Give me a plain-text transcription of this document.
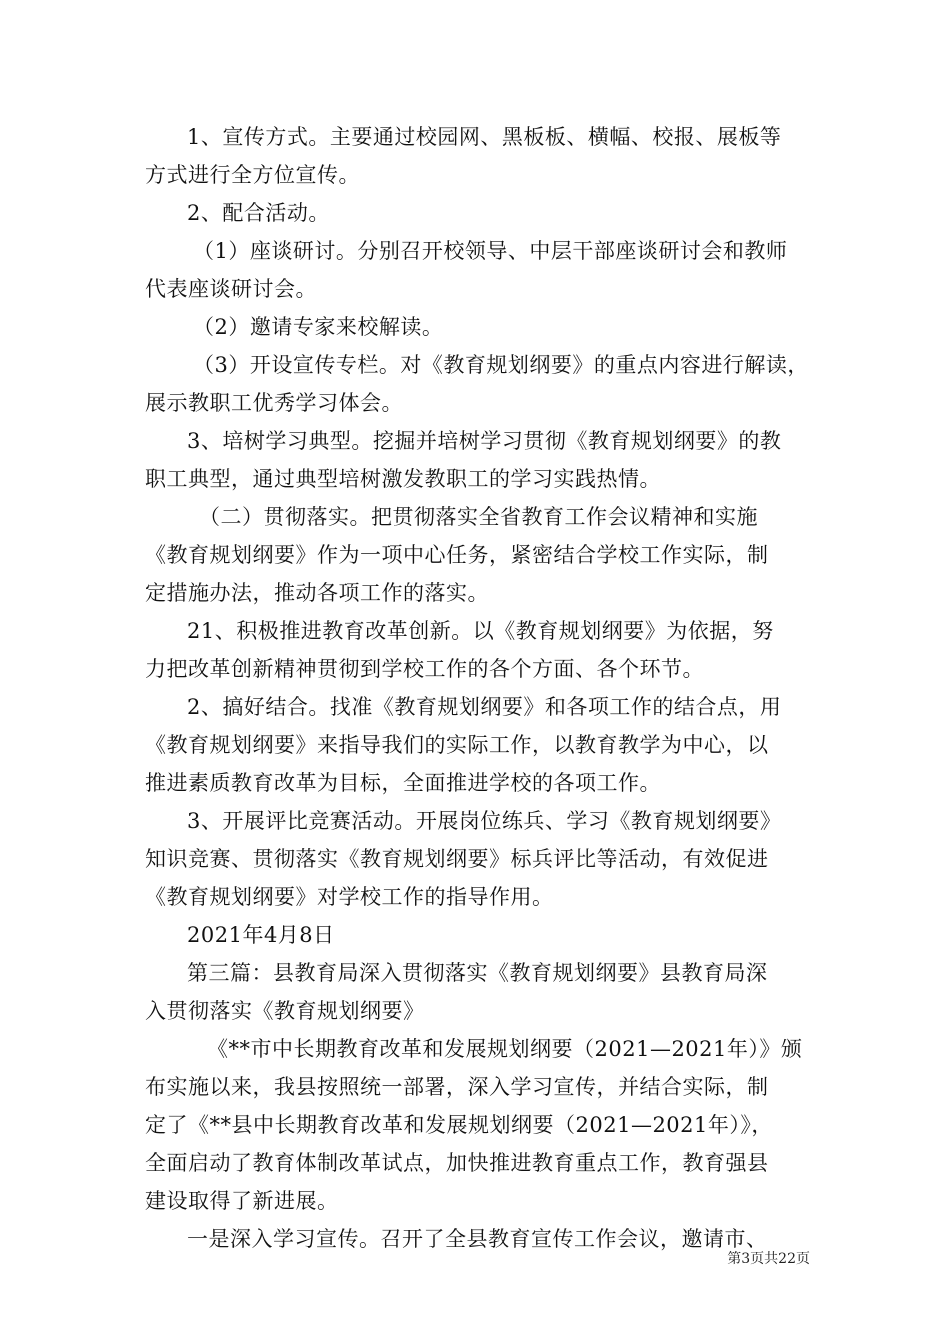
1、宣传方式。主要通过校园网、黑板板、横幅、校报、展板等
方式进行全方位宣传。
2、配合活动。
（1）座谈研讨。分别召开校领导、中层干部座谈研讨会和教师
代表座谈研讨会。
（2）邀请专家来校解读。
（3）开设宣传专栏。对《教育规划纲要》的重点内容进行解读，
展示教职工优秀学习体会。
3、培树学习典型。挖掘并培树学习贯彻《教育规划纲要》的教
职工典型，通过典型培树激发教职工的学习实践热情。
（二）贯彻落实。把贯彻落实全省教育工作会议精神和实施
《教育规划纲要》作为一项中心任务，紧密结合学校工作实际，制
定措施办法，推动各项工作的落实。
21、积极推进教育改革创新。以《教育规划纲要》为依据，努
力把改革创新精神贯彻到学校工作的各个方面、各个环节。
2、搞好结合。找准《教育规划纲要》和各项工作的结合点，用
《教育规划纲要》来指导我们的实际工作，以教育教学为中心，以
推进素质教育改革为目标，全面推进学校的各项工作。
3、开展评比竞赛活动。开展岗位练兵、学习《教育规划纲要》
知识竞赛、贯彻落实《教育规划纲要》标兵评比等活动，有效促进
《教育规划纲要》对学校工作的指导作用。
2021年4月8日
第三篇：县教育局深入贯彻落实《教育规划纲要》县教育局深
入贯彻落实《教育规划纲要》
《**市中长期教育改革和发展规划纲要（2021—2021年）》颁
布实施以来，我县按照统一部署，深入学习宣传，并结合实际，制
定了《**县中长期教育改革和发展规划纲要（2021—2021年）》，
全面启动了教育体制改革试点，加快推进教育重点工作，教育强县
建设取得了新进展。
一是深入学习宣传。召开了全县教育宣传工作会议，邀请市、
第3页共22页
